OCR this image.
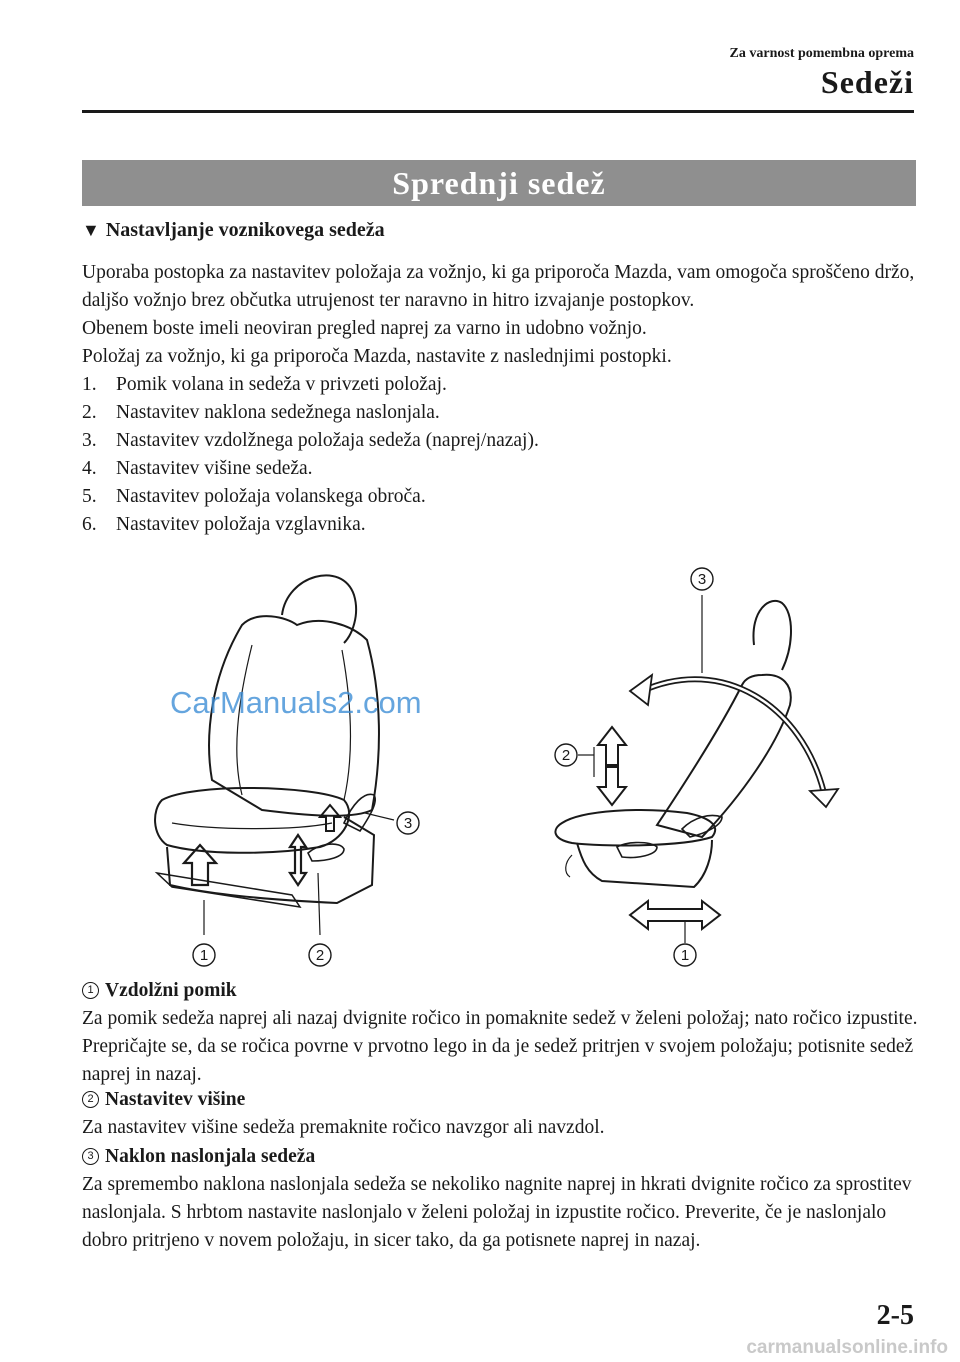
Za varnost pomembna oprema
Sedeži
Sprednji sedež
▼ Nastavljanje voznikovega sedeža

Uporaba postopka za nastavitev položaja za vožnjo, ki ga priporoča Mazda, vam omogoča sproščeno držo, daljšo vožnjo brez občutka utrujenost ter naravno in hitro izvajanje postopkov.

Obenem boste imeli neoviran pregled naprej za varno in udobno vožnjo.

Položaj za vožnjo, ki ga priporoča Mazda, nastavite z naslednjimi postopki.

1. Pomik volana in sedeža v privzeti položaj.
2. Nastavitev naklona sedežnega naslonjala.
3. Nastavitev vzdolžnega položaja sedeža (naprej/nazaj).
4. Nastavitev višine sedeža.
5. Nastavitev položaja volanskega obroča.
6. Nastavitev položaja vzglavnika.
1	2
3
3
2
1
CarManuals2.com
1 Vzdolžni pomik

Za pomik sedeža naprej ali nazaj dvignite ročico in pomaknite sedež v želeni položaj; nato ročico izpustite. Prepričajte se, da se ročica povrne v prvotno lego in da je sedež pritrjen v svojem položaju; potisnite sedež naprej in nazaj.

2 Nastavitev višine

Za nastavitev višine sedeža premaknite ročico navzgor ali navzdol.

3 Naklon naslonjala sedeža

Za spremembo naklona naslonjala sedeža se nekoliko nagnite naprej in hkrati dvignite ročico za sprostitev naslonjala. S hrbtom nastavite naslonjalo v želeni položaj in izpustite ročico. Preverite, če je naslonjalo dobro pritrjeno v novem položaju, in sicer tako, da ga potisnete naprej in nazaj.

2-5
carmanualsonline.info
